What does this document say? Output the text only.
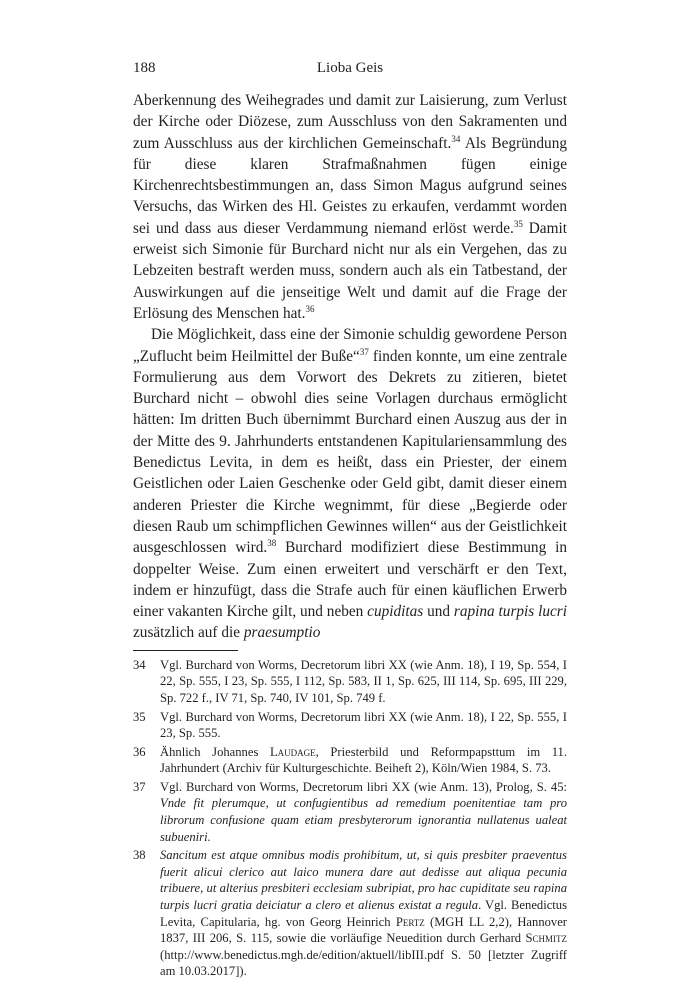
188	Lioba Geis

Aberkennung des Weihegrades und damit zur Laisierung, zum Verlust der Kirche oder Diözese, zum Ausschluss von den Sakramenten und zum Ausschluss aus der kirchlichen Gemeinschaft.$^{34}$ Als Begründung für diese klaren Strafmaßnahmen fügen einige Kirchenrechtsbestimmungen an, dass Simon Magus aufgrund seines Versuchs, das Wirken des Hl. Geistes zu erkaufen, verdammt worden sei und dass aus dieser Verdammung niemand erlöst werde.$^{35}$ Damit erweist sich Simonie für Burchard nicht nur als ein Vergehen, das zu Lebzeiten bestraft werden muss, sondern auch als ein Tatbestand, der Auswirkungen auf die jenseitige Welt und damit auf die Frage der Erlösung des Menschen hat.$^{36}$

Die Möglichkeit, dass eine der Simonie schuldig gewordene Person „Zuflucht beim Heilmittel der Buße“$^{37}$ finden konnte, um eine zentrale Formulierung aus dem Vorwort des Dekrets zu zitieren, bietet Burchard nicht – obwohl dies seine Vorlagen durchaus ermöglicht hätten: Im dritten Buch übernimmt Burchard einen Auszug aus der in der Mitte des 9. Jahrhunderts entstandenen Kapitulariensammlung des Benedictus Levita, in dem es heißt, dass ein Priester, der einem Geistlichen oder Laien Geschenke oder Geld gibt, damit dieser einem anderen Priester die Kirche wegnimmt, für diese „Begierde oder diesen Raub um schimpflichen Gewinnes willen“ aus der Geistlichkeit ausgeschlossen wird.$^{38}$ Burchard modifiziert diese Bestimmung in doppelter Weise. Zum einen erweitert und verschärft er den Text, indem er hinzufügt, dass die Strafe auch für einen käuflichen Erwerb einer vakanten Kirche gilt, und neben cupiditas und rapina turpis lucri zusätzlich auf die praesumptio

34 Vgl. Burchard von Worms, Decretorum libri XX (wie Anm. 18), I 19, Sp. 554, I 22, Sp. 555, I 23, Sp. 555, I 112, Sp. 583, II 1, Sp. 625, III 114, Sp. 695, III 229, Sp. 722 f., IV 71, Sp. 740, IV 101, Sp. 749 f.
35 Vgl. Burchard von Worms, Decretorum libri XX (wie Anm. 18), I 22, Sp. 555, I 23, Sp. 555.
36 Ähnlich Johannes Laudage, Priesterbild und Reformpapsttum im 11. Jahrhundert (Archiv für Kulturgeschichte. Beiheft 2), Köln/Wien 1984, S. 73.
37 Vgl. Burchard von Worms, Decretorum libri XX (wie Anm. 13), Prolog, S. 45: Vnde fit plerumque, ut confugientibus ad remedium poenitentiae tam pro librorum confusione quam etiam presbyterorum ignorantia nullatenus ualeat subueniri.
38 Sancitum est atque omnibus modis prohibitum, ut, si quis presbiter praeventus fuerit alicui clerico aut laico munera dare aut dedisse aut aliqua pecunia tribuere, ut alterius presbiteri ecclesiam subripiat, pro hac cupiditate seu rapina turpis lucri gratia deiciatur a clero et alienus existat a regula. Vgl. Benedictus Levita, Capitularia, hg. von Georg Heinrich Pertz (MGH LL 2,2), Hannover 1837, III 206, S. 115, sowie die vorläufige Neuedition durch Gerhard Schmitz (http://www.benedictus.mgh.de/edition/aktuell/libIII.pdf S. 50 [letzter Zugriff am 10.03.2017]).
